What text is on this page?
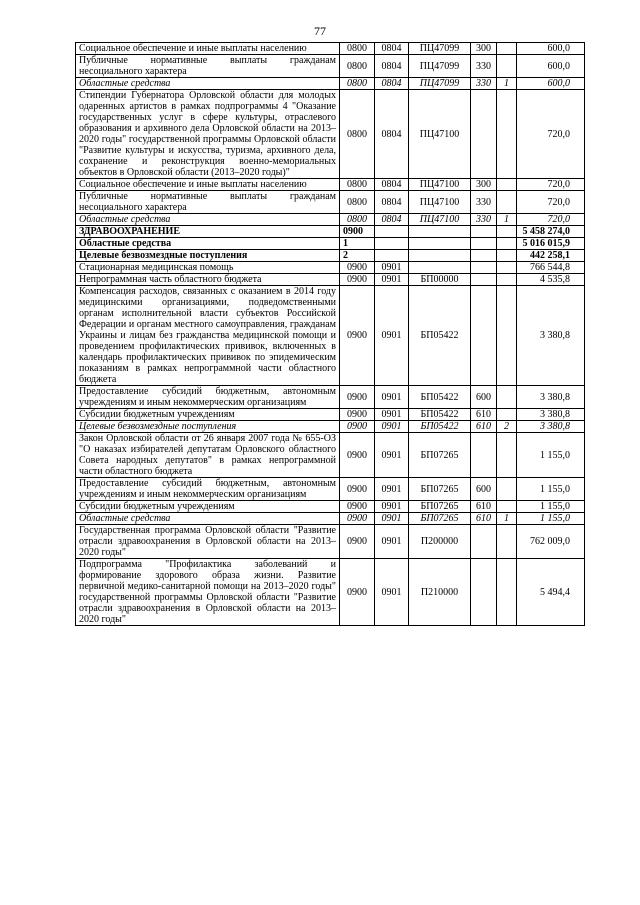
77
Социальное обеспечение и иные выплаты населению	0800	0804	ПЦ47099	300		600,0
Публичные нормативные выплаты гражданам несоциального характера	0800	0804	ПЦ47099	330		600,0
Областные средства	0800	0804	ПЦ47099	330	1	600,0
Стипендии Губернатора Орловской области для молодых одаренных артистов в рамках подпрограммы 4 "Оказание государственных услуг в сфере культуры, отраслевого образования и архивного дела Орловской области на 2013–2020 годы" государственной программы Орловской области "Развитие культуры и искусства, туризма, архивного дела, сохранение и реконструкция военно-мемориальных объектов в Орловской области (2013–2020 годы)"	0800	0804	ПЦ47100			720,0
Социальное обеспечение и иные выплаты населению	0800	0804	ПЦ47100	300		720,0
Публичные нормативные выплаты гражданам несоциального характера	0800	0804	ПЦ47100	330		720,0
Областные средства	0800	0804	ПЦ47100	330	1	720,0
ЗДРАВООХРАНЕНИЕ	0900					5 458 274,0
Областные средства	1					5 016 015,9
Целевые безвозмездные поступления	2					442 258,1
Стационарная медицинская помощь	0900	0901				766 544,8
Непрограммная часть областного бюджета	0900	0901	БП00000			4 535,8
Компенсация расходов, связанных с оказанием в 2014 году медицинскими организациями, подведомственными органам исполнительной власти субъектов Российской Федерации и органам местного самоуправления, гражданам Украины и лицам без гражданства медицинской помощи и проведением профилактических прививок, включенных в календарь профилактических прививок по эпидемическим показаниям в рамках непрограммной части областного бюджета	0900	0901	БП05422			3 380,8
Предоставление субсидий бюджетным, автономным учреждениям и иным некоммерческим организациям	0900	0901	БП05422	600		3 380,8
Субсидии бюджетным учреждениям	0900	0901	БП05422	610		3 380,8
Целевые безвозмездные поступления	0900	0901	БП05422	610	2	3 380,8
Закон Орловской области от 26 января 2007 года № 655-ОЗ "О наказах избирателей депутатам Орловского областного Совета народных депутатов" в рамках непрограммной части областного бюджета	0900	0901	БП07265			1 155,0
Предоставление субсидий бюджетным, автономным учреждениям и иным некоммерческим организациям	0900	0901	БП07265	600		1 155,0
Субсидии бюджетным учреждениям	0900	0901	БП07265	610		1 155,0
Областные средства	0900	0901	БП07265	610	1	1 155,0
Государственная программа Орловской области "Развитие отрасли здравоохранения в Орловской области на 2013–2020 годы"	0900	0901	П200000			762 009,0
Подпрограмма "Профилактика заболеваний и формирование здорового образа жизни. Развитие первичной медико-санитарной помощи на 2013–2020 годы" государственной программы Орловской области "Развитие отрасли здравоохранения в Орловской области на 2013–2020 годы"	0900	0901	П210000			5 494,4
